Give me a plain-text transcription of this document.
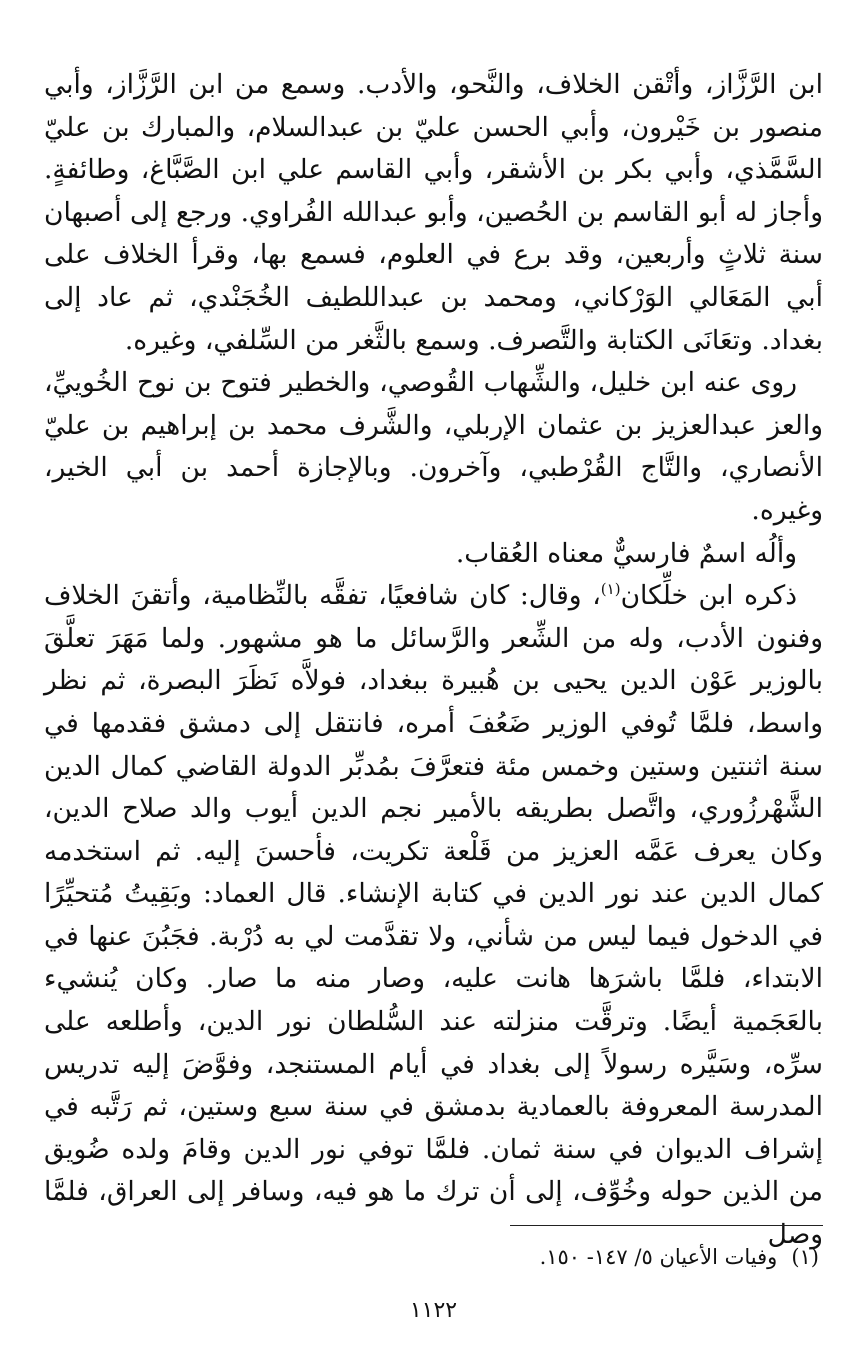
ابن الرَّزَّاز، وأتْقن الخلاف، والنَّحو، والأدب. وسمع من ابن الرَّزَّاز، وأبي منصور بن خَيْرون، وأبي الحسن عليّ بن عبدالسلام، والمبارك بن عليّ السَّمَّذي، وأبي بكر بن الأشقر، وأبي القاسم علي ابن الصَّبَّاغ، وطائفةٍ. وأجاز له أبو القاسم بن الحُصين، وأبو عبدالله الفُراوي. ورجع إلى أصبهان سنة ثلاثٍ وأربعين، وقد برع في العلوم، فسمع بها، وقرأ الخلاف على أبي المَعَالي الوَرْكاني، ومحمد بن عبداللطيف الخُجَنْدي، ثم عاد إلى بغداد. وتعَانَى الكتابة والتَّصرف. وسمع بالثَّغر من السِّلفي، وغيره.

روى عنه ابن خليل، والشِّهاب القُوصي، والخطير فتوح بن نوح الخُوييِّ، والعز عبدالعزيز بن عثمان الإربلي، والشَّرف محمد بن إبراهيم بن عليّ الأنصاري، والتَّاج القُرْطبي، وآخرون. وبالإجازة أحمد بن أبي الخير، وغيره.

وألُه اسمٌ فارسيٌّ معناه العُقاب.

ذكره ابن خلِّكان$^{(١)}$، وقال: كان شافعيًا، تفقَّه بالنِّظامية، وأتقنَ الخلاف وفنون الأدب، وله من الشِّعر والرَّسائل ما هو مشهور. ولما مَهَرَ تعلَّقَ بالوزير عَوْن الدين يحيى بن هُبيرة ببغداد، فولاَّه نَظَرَ البصرة، ثم نظر واسط، فلمَّا تُوفي الوزير ضَعُفَ أمره، فانتقل إلى دمشق فقدمها في سنة اثنتين وستين وخمس مئة فتعرَّفَ بمُدبِّر الدولة القاضي كمال الدين الشَّهْرزُوري، واتَّصل بطريقه بالأمير نجم الدين أيوب والد صلاح الدين، وكان يعرف عَمَّه العزيز من قَلْعة تكريت، فأحسنَ إليه. ثم استخدمه كمال الدين عند نور الدين في كتابة الإنشاء. قال العماد: وبَقِيتُ مُتحيِّرًا في الدخول فيما ليس من شأني، ولا تقدَّمت لي به دُرْبة. فجَبُنَ عنها في الابتداء، فلمَّا باشرَها هانت عليه، وصار منه ما صار. وكان يُنشيء بالعَجَمية أيضًا. وترقَّت منزلته عند السُّلطان نور الدين، وأطلعه على سرِّه، وسَيَّره رسولاً إلى بغداد في أيام المستنجد، وفوَّضَ إليه تدريس المدرسة المعروفة بالعمادية بدمشق في سنة سبع وستين، ثم رَتَّبه في إشراف الديوان في سنة ثمان. فلمَّا توفي نور الدين وقامَ ولده ضُويق من الذين حوله وخُوِّف، إلى أن ترك ما هو فيه، وسافر إلى العراق، فلمَّا وصل

(١)وفيات الأعيان ٥/ ١٤٧- ١٥٠.
١١٢٢
